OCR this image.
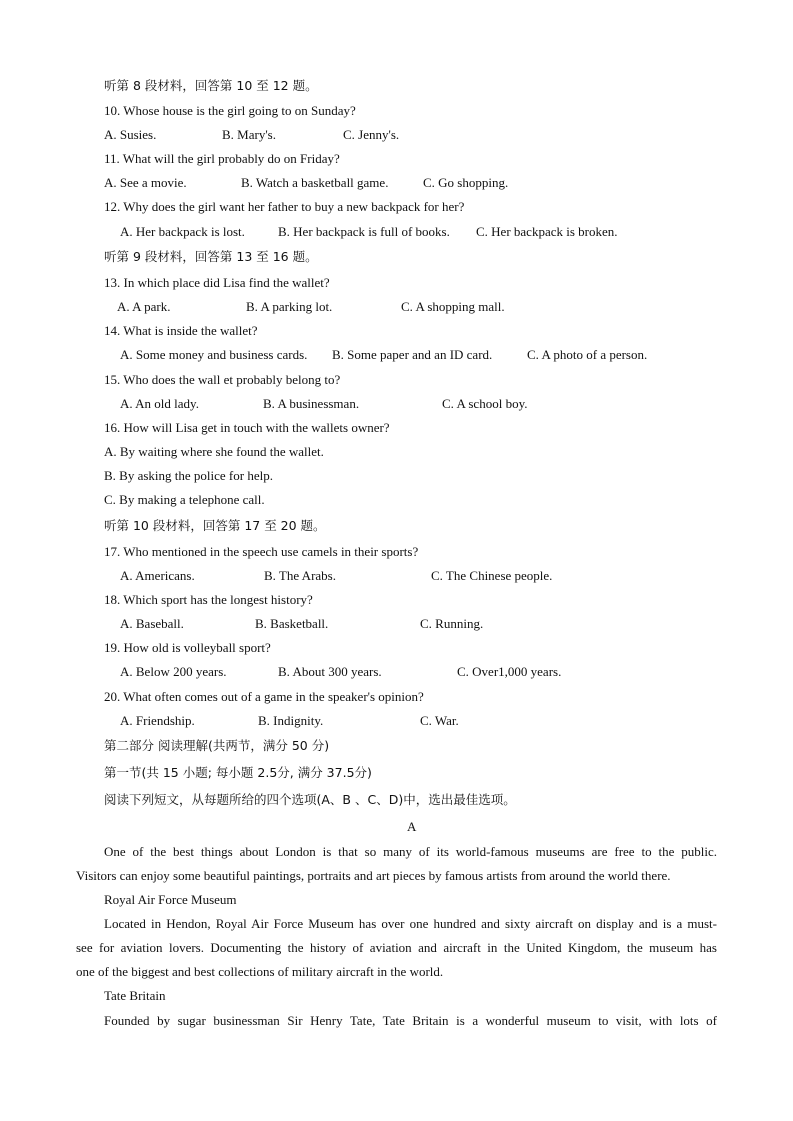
听第 8 段材料，回答第 10 至 12 题。
10. Whose house is the girl going to on Sunday?
A. Susies.	B. Mary's.	C. Jenny's.
11. What will the girl probably do on Friday?
A. See a movie.	B. Watch a basketball game.	C. Go shopping.
12. Why does the girl want her father to buy a new backpack for her?
A. Her backpack is lost.	B. Her backpack is full of books. C. Her backpack is broken.
听第 9 段材料，回答第 13 至 16 题。
13. In which place did Lisa find the wallet?
A. A park.	B. A parking lot.	C. A shopping mall.
14. What is inside the wallet?
A. Some money and business cards. B. Some paper and an ID card.	C. A photo of a person.
15. Who does the wall et probably belong to?
A. An old lady.	B. A businessman.	C. A school boy.
16. How will Lisa get in touch with the wallets owner?
A. By waiting where she found the wallet.
B. By asking the police for help.
C. By making a telephone call.
听第 10 段材料，回答第 17 至 20 题。
17. Who mentioned in the speech use camels in their sports?
A. Americans.	B. The Arabs.	C. The Chinese people.
18. Which sport has the longest history?
A. Baseball.	B. Basketball.	C. Running.
19. How old is volleyball sport?
A. Below 200 years.	B. About 300 years.	C. Over1,000 years.
20. What often comes out of a game in the speaker's opinion?
A. Friendship.	B. Indignity.	C. War.
第二部分 阅读理解(共两节，满分 50 分)
第一节(共 15 小题; 每小题 2.5分, 满分 37.5分)
阅读下列短文，从每题所给的四个选项(A、B 、C、D)中，选出最佳选项。
A
One of the best things about London is that so many of its world-famous museums are free to the public.
Visitors can enjoy some beautiful paintings, portraits and art pieces by famous artists from around the world there.
Royal Air Force Museum
Located in Hendon, Royal Air Force Museum has over one hundred and sixty aircraft on display and is a must-
see for aviation lovers. Documenting the history of aviation and aircraft in the United Kingdom, the museum has
one of the biggest and best collections of military aircraft in the world.
Tate Britain
Founded by sugar businessman Sir Henry Tate, Tate Britain is a wonderful museum to visit, with lots of
